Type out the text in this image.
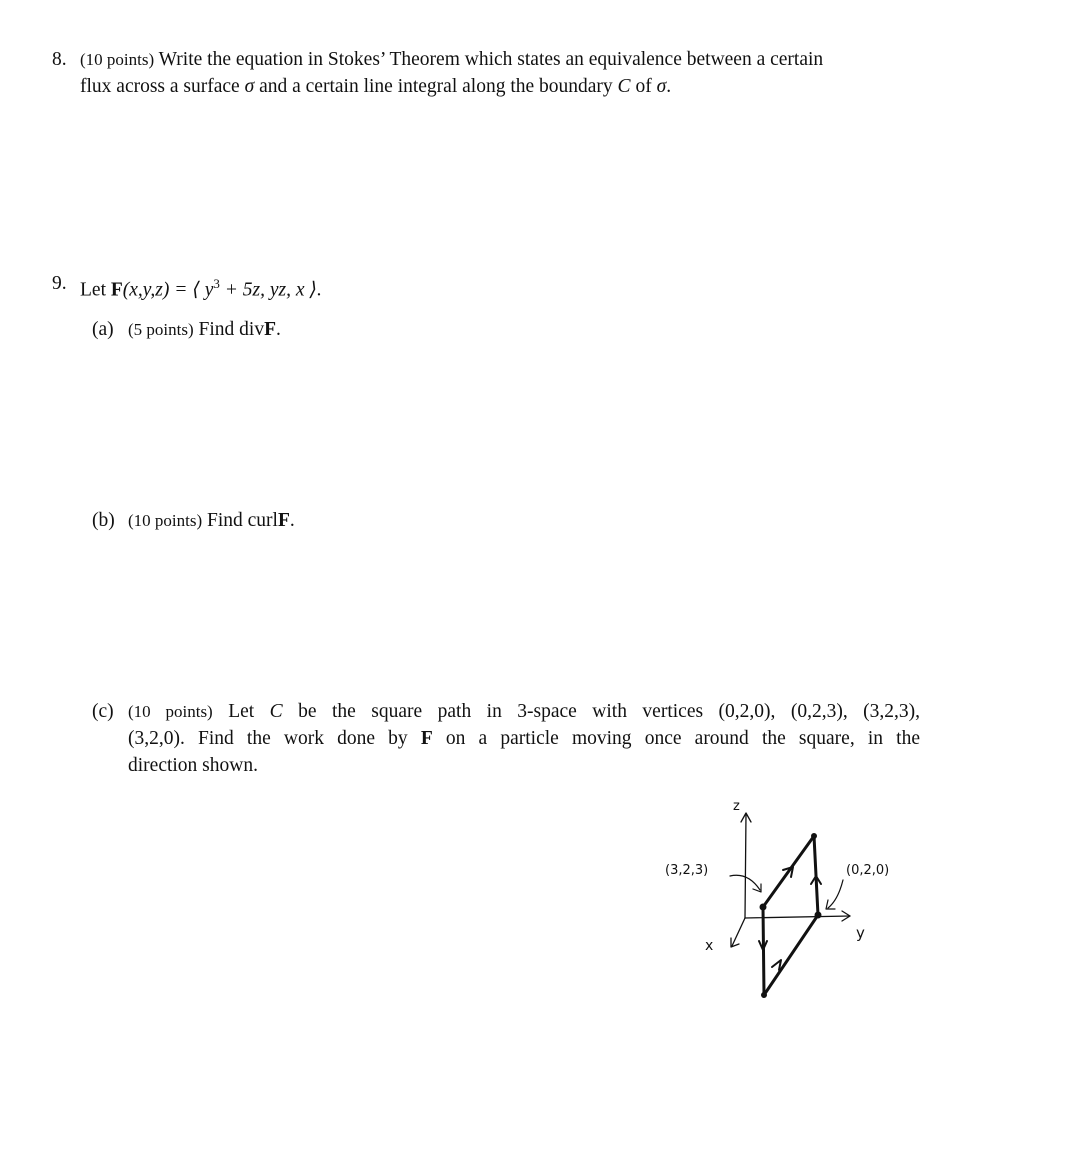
8. (10 points) Write the equation in Stokes’ Theorem which states an equivalence between a certain
flux across a surface σ and a certain line integral along the boundary C of σ.
9. Let F(x,y,z) = ⟨ $y^3 + 5z$, yz, x ⟩.
(a) (5 points) Find divF.
(b) (10 points) Find curlF.
(c) (10 points) Let C be the square path in 3-space with vertices (0,2,0), (0,2,3), (3,2,3),
(3,2,0). Find the work done by F on a particle moving once around the square, in the
direction shown.
z
x
y
(3,2,3)	(0,2,0)
